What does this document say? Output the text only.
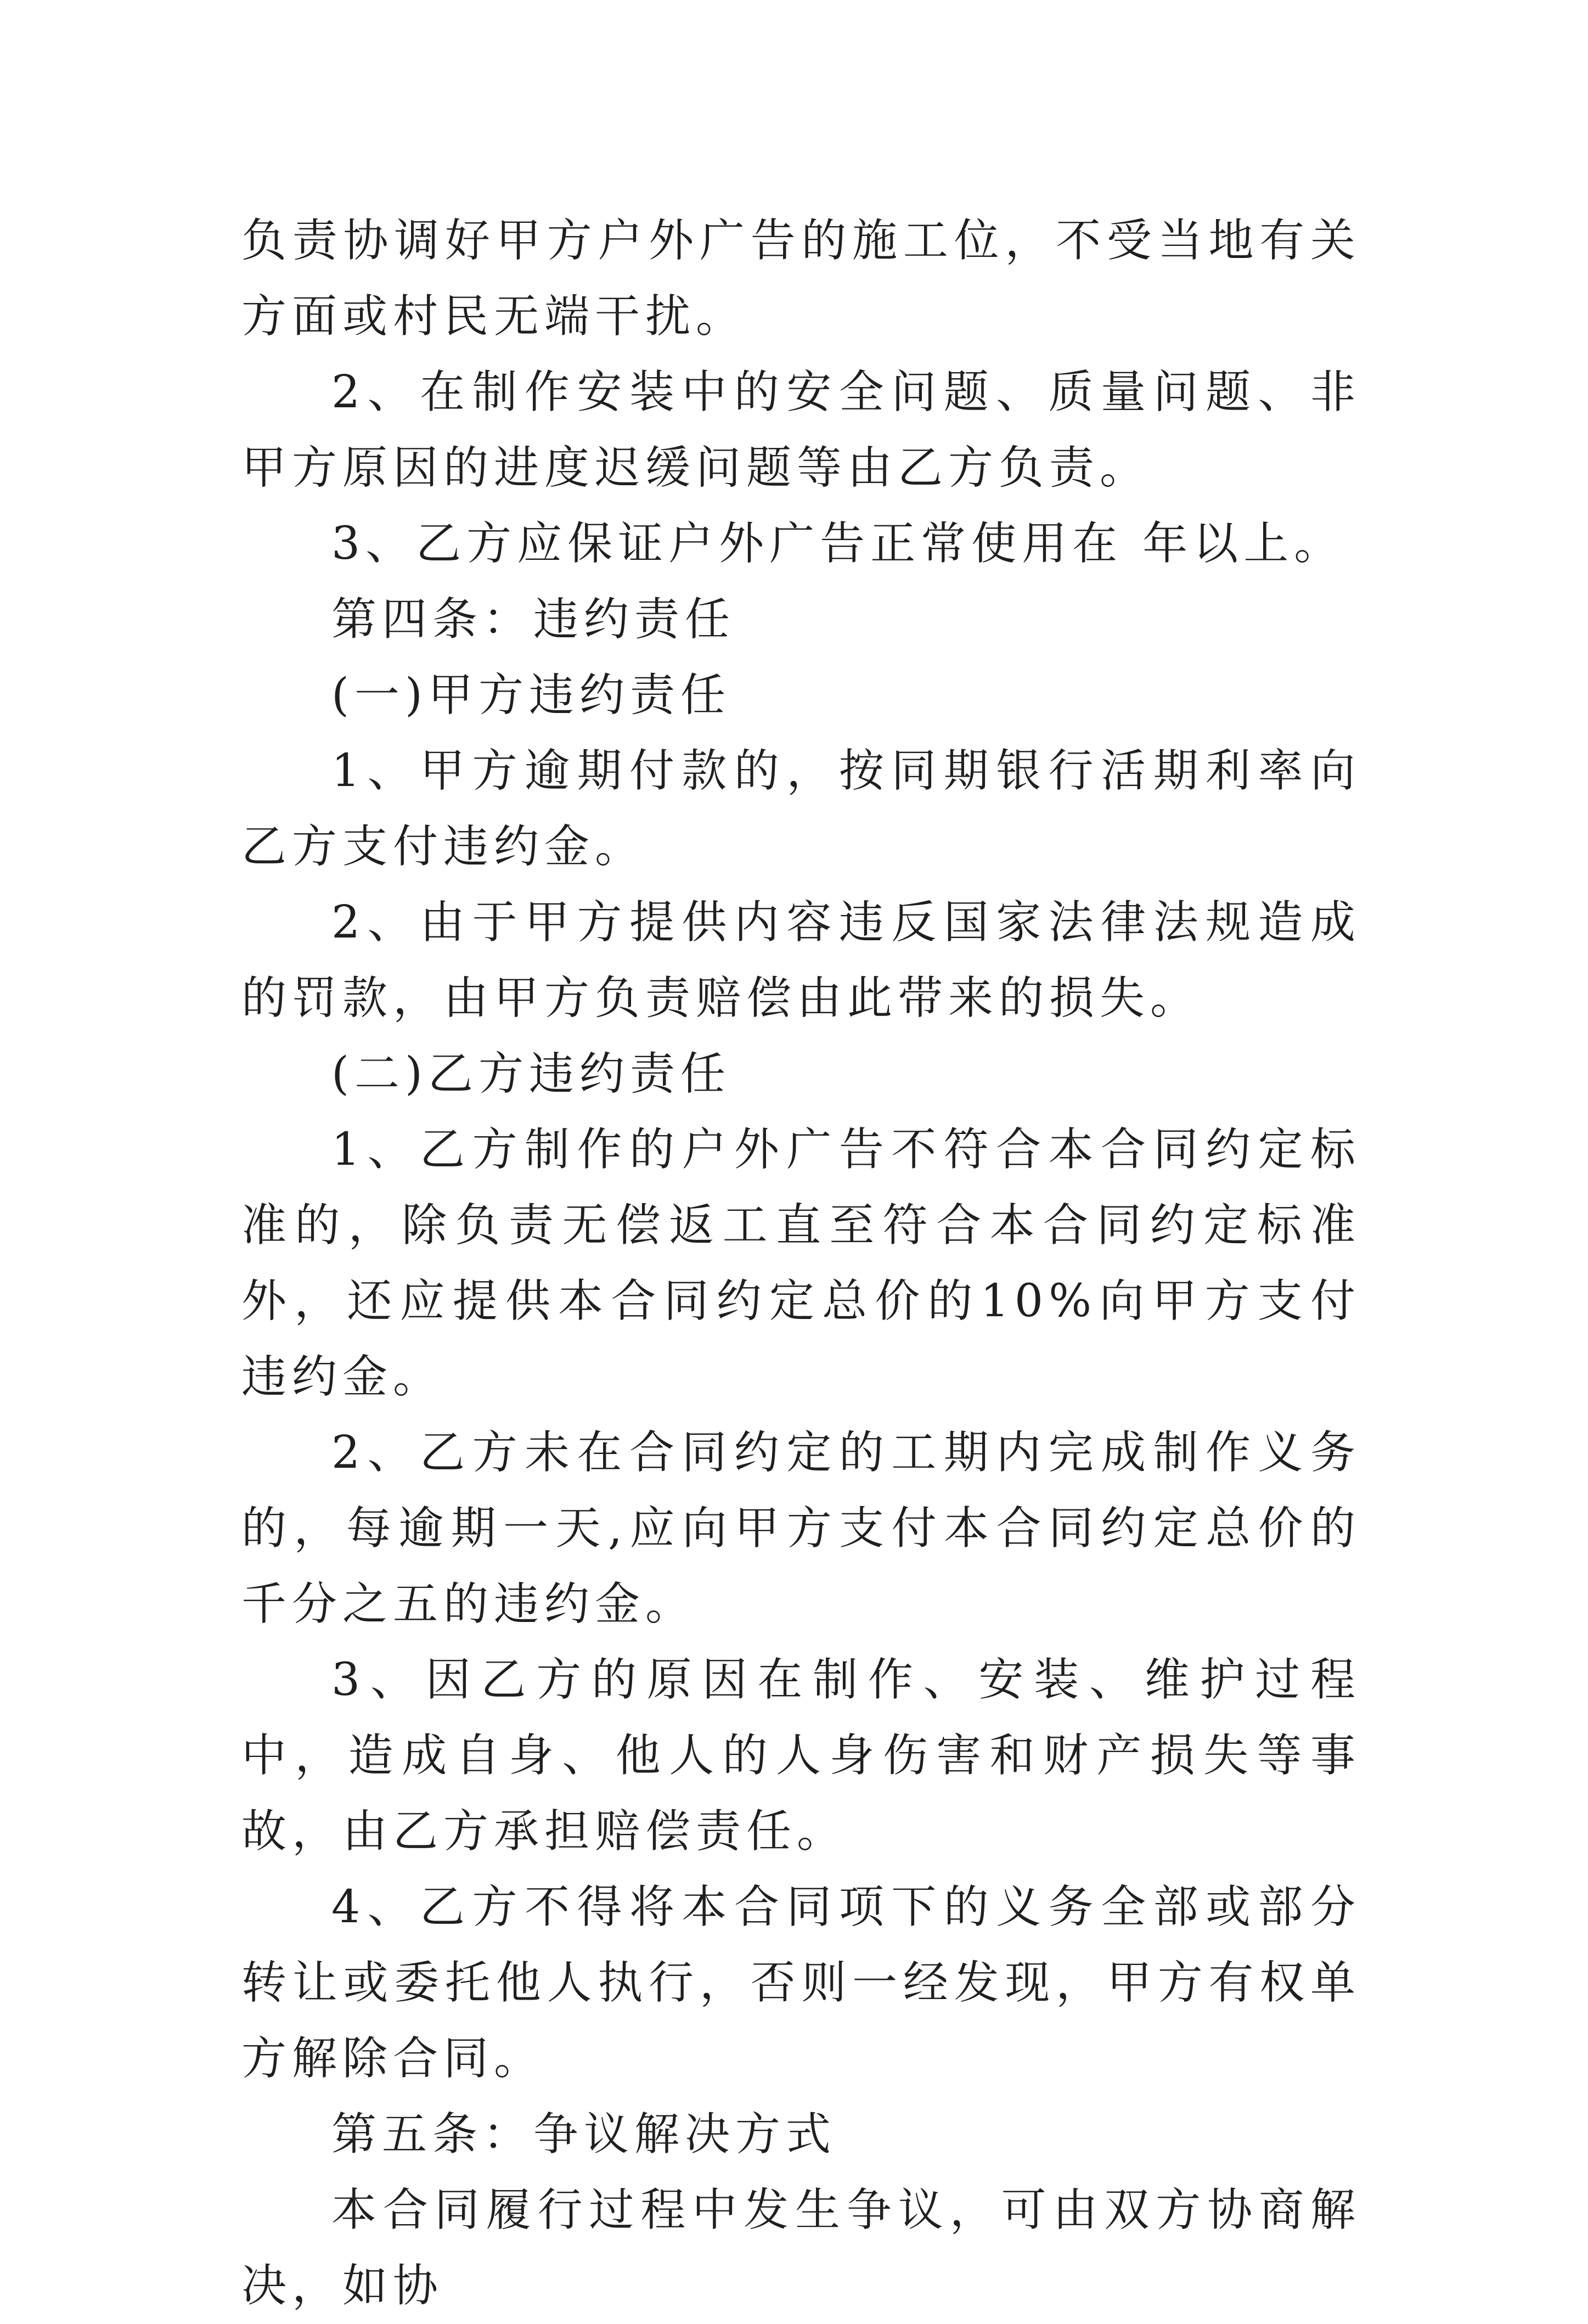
负责协调好甲方户外广告的施工位，不受当地有关方面或村民无端干扰。

2、在制作安装中的安全问题、质量问题、非甲方原因的进度迟缓问题等由乙方负责。

3、乙方应保证户外广告正常使用在 年以上。

第四条：违约责任

(一)甲方违约责任

1、甲方逾期付款的，按同期银行活期利率向乙方支付违约金。

2、由于甲方提供内容违反国家法律法规造成的罚款，由甲方负责赔偿由此带来的损失。

(二)乙方违约责任

1、乙方制作的户外广告不符合本合同约定标准的，除负责无偿返工直至符合本合同约定标准外，还应提供本合同约定总价的10%向甲方支付违约金。

2、乙方未在合同约定的工期内完成制作义务的，每逾期一天,应向甲方支付本合同约定总价的千分之五的违约金。

3、因乙方的原因在制作、安装、维护过程中，造成自身、他人的人身伤害和财产损失等事故，由乙方承担赔偿责任。

4、乙方不得将本合同项下的义务全部或部分转让或委托他人执行，否则一经发现，甲方有权单方解除合同。

第五条：争议解决方式

本合同履行过程中发生争议，可由双方协商解决，如协
